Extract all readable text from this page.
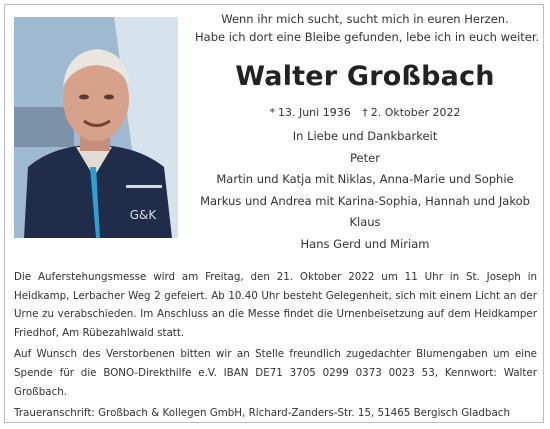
G&K
Wenn ihr mich sucht, sucht mich in euren Herzen.
Habe ich dort eine Bleibe gefunden, lebe ich in euch weiter.
Walter Großbach
* 13. Juni 1936 † 2. Oktober 2022
In Liebe und Dankbarkeit
Peter
Martin und Katja mit Niklas, Anna-Marie und Sophie
Markus und Andrea mit Karina-Sophia, Hannah und Jakob
Klaus
Hans Gerd und Miriam

Die Auferstehungsmesse wird am Freitag, den 21. Oktober 2022 um 11 Uhr in St. Joseph in Heidkamp, Lerbacher Weg 2 gefeiert. Ab 10.40 Uhr besteht Gelegenheit, sich mit einem Licht an der Urne zu verabschieden. Im Anschluss an die Messe findet die Urnenbeisetzung auf dem Heidkamper Friedhof, Am Rübezahlwald statt.

Auf Wunsch des Verstorbenen bitten wir an Stelle freundlich zugedachter Blumengaben um eine Spende für die BONO-Direkthilfe e.V. IBAN DE71 3705 0299 0373 0023 53, Kennwort: Walter Großbach.

Traueranschrift: Großbach & Kollegen GmbH, Richard-Zanders-Str. 15, 51465 Bergisch Gladbach
